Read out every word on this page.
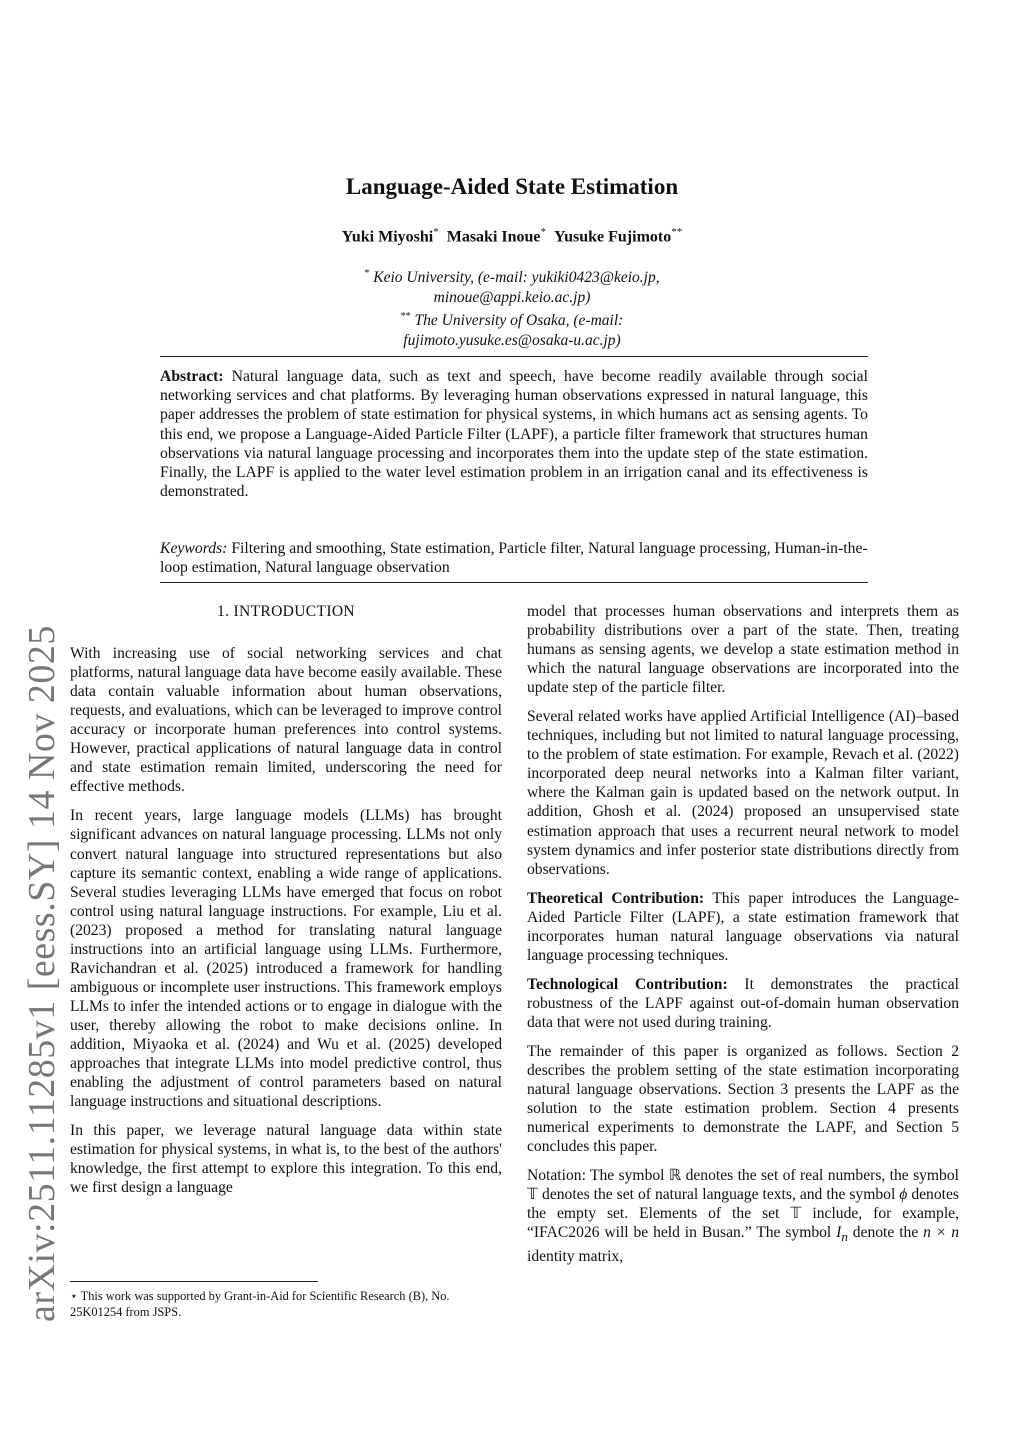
arXiv:2511.11285v1 [eess.SY] 14 Nov 2025
Language-Aided State Estimation
Yuki Miyoshi* Masaki Inoue* Yusuke Fujimoto**
* Keio University, (e-mail: yukiki0423@keio.jp,
minoue@appi.keio.ac.jp)
** The University of Osaka, (e-mail:
fujimoto.yusuke.es@osaka-u.ac.jp)
Abstract: Natural language data, such as text and speech, have become readily available through social networking services and chat platforms. By leveraging human observations expressed in natural language, this paper addresses the problem of state estimation for physical systems, in which humans act as sensing agents. To this end, we propose a Language-Aided Particle Filter (LAPF), a particle filter framework that structures human observations via natural language processing and incorporates them into the update step of the state estimation. Finally, the LAPF is applied to the water level estimation problem in an irrigation canal and its effectiveness is demonstrated.
Keywords: Filtering and smoothing, State estimation, Particle filter, Natural language processing, Human-in-the-loop estimation, Natural language observation
1. INTRODUCTION

With increasing use of social networking services and chat platforms, natural language data have become easily available. These data contain valuable information about human observations, requests, and evaluations, which can be leveraged to improve control accuracy or incorporate human preferences into control systems. However, practical applications of natural language data in control and state estimation remain limited, underscoring the need for effective methods.

In recent years, large language models (LLMs) has brought significant advances on natural language processing. LLMs not only convert natural language into structured representations but also capture its semantic context, enabling a wide range of applications. Several studies leveraging LLMs have emerged that focus on robot control using natural language instructions. For example, Liu et al. (2023) proposed a method for translating natural language instructions into an artificial language using LLMs. Furthermore, Ravichandran et al. (2025) introduced a framework for handling ambiguous or incomplete user instructions. This framework employs LLMs to infer the intended actions or to engage in dialogue with the user, thereby allowing the robot to make decisions online. In addition, Miyaoka et al. (2024) and Wu et al. (2025) developed approaches that integrate LLMs into model predictive control, thus enabling the adjustment of control parameters based on natural language instructions and situational descriptions.

In this paper, we leverage natural language data within state estimation for physical systems, in what is, to the best of the authors' knowledge, the first attempt to explore this integration. To this end, we first design a language

⋆ This work was supported by Grant-in-Aid for Scientific Research (B), No. 25K01254 from JSPS.

model that processes human observations and interprets them as probability distributions over a part of the state. Then, treating humans as sensing agents, we develop a state estimation method in which the natural language observations are incorporated into the update step of the particle filter.

Several related works have applied Artificial Intelligence (AI)–based techniques, including but not limited to natural language processing, to the problem of state estimation. For example, Revach et al. (2022) incorporated deep neural networks into a Kalman filter variant, where the Kalman gain is updated based on the network output. In addition, Ghosh et al. (2024) proposed an unsupervised state estimation approach that uses a recurrent neural network to model system dynamics and infer posterior state distributions directly from observations.

Theoretical Contribution: This paper introduces the Language-Aided Particle Filter (LAPF), a state estimation framework that incorporates human natural language observations via natural language processing techniques.

Technological Contribution: It demonstrates the practical robustness of the LAPF against out-of-domain human observation data that were not used during training.

The remainder of this paper is organized as follows. Section 2 describes the problem setting of the state estimation incorporating natural language observations. Section 3 presents the LAPF as the solution to the state estimation problem. Section 4 presents numerical experiments to demonstrate the LAPF, and Section 5 concludes this paper.

Notation: The symbol ℝ denotes the set of real numbers, the symbol 𝕋 denotes the set of natural language texts, and the symbol ϕ denotes the empty set. Elements of the set 𝕋 include, for example, “IFAC2026 will be held in Busan.” The symbol $I_n$ denote the n × n identity matrix,
